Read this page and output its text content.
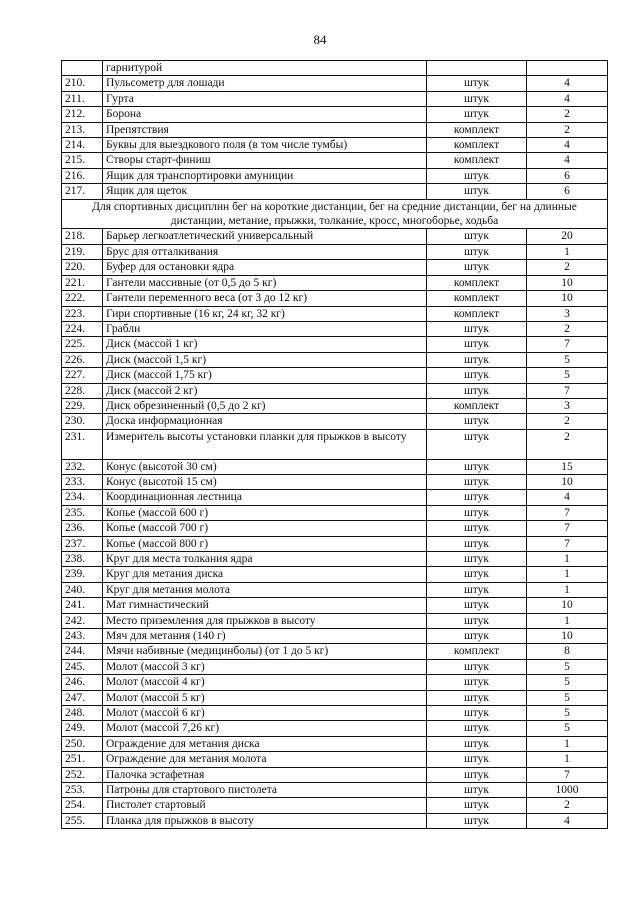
84
	гарнитурой		
210.	Пульсометр для лошади	штук	4
211.	Гурта	штук	4
212.	Борона	штук	2
213.	Препятствия	комплект	2
214.	Буквы для выездкового поля (в том числе тумбы)	комплект	4
215.	Створы старт-финиш	комплект	4
216.	Ящик для транспортировки амуниции	штук	6
217.	Ящик для щеток	штук	6
Для спортивных дисциплин бег на короткие дистанции, бег на средние дистанции, бег на длинные дистанции, метание, прыжки, толкание, кросс, многоборье, ходьба			
218.	Барьер легкоатлетический универсальный	штук	20
219.	Брус для отталкивания	штук	1
220.	Буфер для остановки ядра	штук	2
221.	Гантели массивные (от 0,5 до 5 кг)	комплект	10
222.	Гантели переменного веса (от 3 до 12 кг)	комплект	10
223.	Гири спортивные (16 кг, 24 кг, 32 кг)	комплект	3
224.	Грабли	штук	2
225.	Диск (массой 1 кг)	штук	7
226.	Диск (массой 1,5 кг)	штук	5
227.	Диск (массой 1,75 кг)	штук	5
228.	Диск (массой 2 кг)	штук	7
229.	Диск обрезиненный (0,5 до 2 кг)	комплект	3
230.	Доска информационная	штук	2
231.	Измеритель высоты установки планки для прыжков в высоту	штук	2
232.	Конус (высотой 30 см)	штук	15
233.	Конус (высотой 15 см)	штук	10
234.	Координационная лестница	штук	4
235.	Копье (массой 600 г)	штук	7
236.	Копье (массой 700 г)	штук	7
237.	Копье (массой 800 г)	штук	7
238.	Круг для места толкания ядра	штук	1
239.	Круг для метания диска	штук	1
240.	Круг для метания молота	штук	1
241.	Мат гимнастический	штук	10
242.	Место приземления для прыжков в высоту	штук	1
243.	Мяч для метания (140 г)	штук	10
244.	Мячи набивные (медицинболы) (от 1 до 5 кг)	комплект	8
245.	Молот (массой 3 кг)	штук	5
246.	Молот (массой 4 кг)	штук	5
247.	Молот (массой 5 кг)	штук	5
248.	Молот (массой 6 кг)	штук	5
249.	Молот (массой 7,26 кг)	штук	5
250.	Ограждение для метания диска	штук	1
251.	Ограждение для метания молота	штук	1
252.	Палочка эстафетная	штук	7
253.	Патроны для стартового пистолета	штук	1000
254.	Пистолет стартовый	штук	2
255.	Планка для прыжков в высоту	штук	4
